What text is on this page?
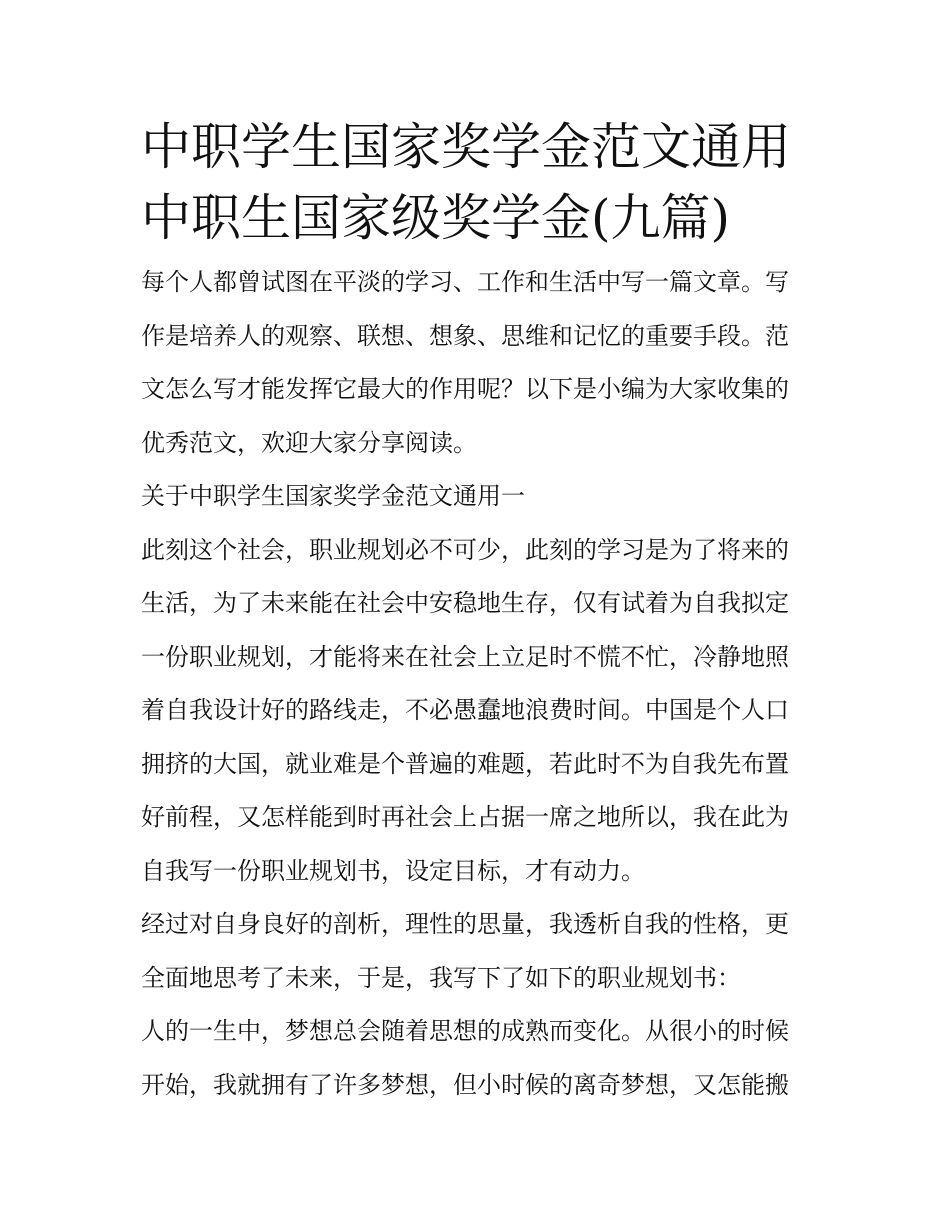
中职学生国家奖学金范文通用
中职生国家级奖学金(九篇)

每个人都曾试图在平淡的学习、工作和生活中写一篇文章。写
作是培养人的观察、联想、想象、思维和记忆的重要手段。范
文怎么写才能发挥它最大的作用呢？以下是小编为大家收集的
优秀范文，欢迎大家分享阅读。

关于中职学生国家奖学金范文通用一

此刻这个社会，职业规划必不可少，此刻的学习是为了将来的
生活，为了未来能在社会中安稳地生存，仅有试着为自我拟定
一份职业规划，才能将来在社会上立足时不慌不忙，冷静地照
着自我设计好的路线走，不必愚蠢地浪费时间。中国是个人口
拥挤的大国，就业难是个普遍的难题，若此时不为自我先布置
好前程，又怎样能到时再社会上占据一席之地所以，我在此为
自我写一份职业规划书，设定目标，才有动力。

经过对自身良好的剖析，理性的思量，我透析自我的性格，更
全面地思考了未来，于是，我写下了如下的职业规划书：

人的一生中，梦想总会随着思想的成熟而变化。从很小的时候
开始，我就拥有了许多梦想，但小时候的离奇梦想，又怎能搬
